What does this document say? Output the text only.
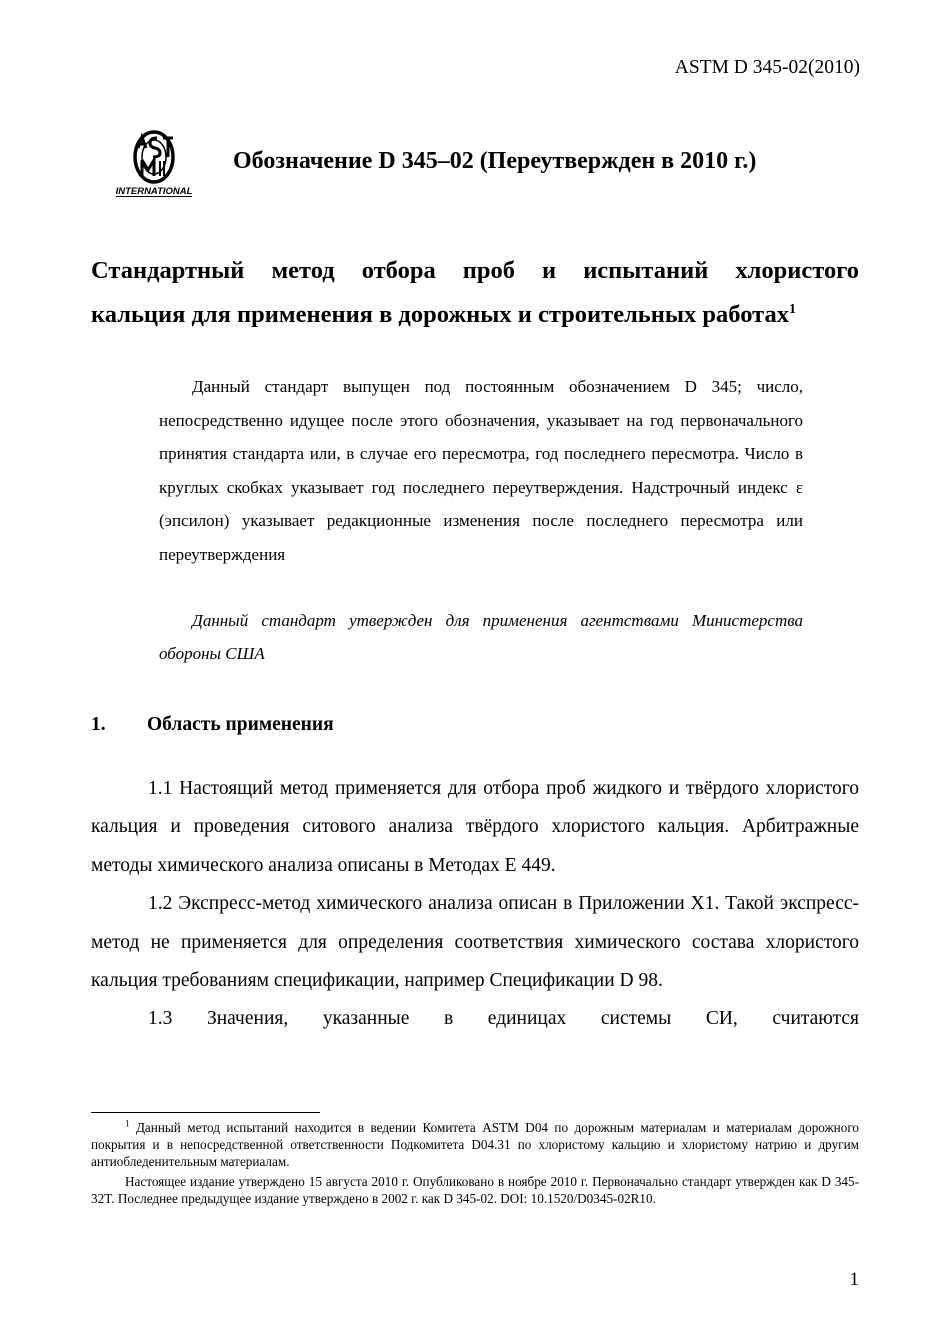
ASTM D 345-02(2010)
INTERNATIONAL
Обозначение D 345–02 (Переутвержден в 2010 г.)
Стандартный метод отбора проб и испытаний хлористого
кальция для применения в дорожных и строительных работах$^1$
Данный стандарт выпущен под постоянным обозначением D 345; число, непосредственно идущее после этого обозначения, указывает на год первоначального принятия стандарта или, в случае его пересмотра, год последнего пересмотра. Число в круглых скобках указывает год последнего переутверждения. Надстрочный индекс ε (эпсилон) указывает редакционные изменения после последнего пересмотра или переутверждения
Данный стандарт утвержден для применения агентствами Министерства обороны США
1. Область применения

1.1 Настоящий метод применяется для отбора проб жидкого и твёрдого хлористого кальция и проведения ситового анализа твёрдого хлористого кальция. Арбитражные методы химического анализа описаны в Методах E 449.

1.2 Экспресс-метод химического анализа описан в Приложении X1. Такой экспресс-метод не применяется для определения соответствия химического состава хлористого кальция требованиям спецификации, например Спецификации D 98.

1.3 Значения, указанные в единицах системы СИ, считаются

$^1$ Данный метод испытаний находится в ведении Комитета ASTM D04 по дорожным материалам и материалам дорожного покрытия и в непосредственной ответственности Подкомитета D04.31 по хлористому кальцию и хлористому натрию и другим антиобледенительным материалам.

Настоящее издание утверждено 15 августа 2010 г. Опубликовано в ноябре 2010 г. Первоначально стандарт утвержден как D 345-32T. Последнее предыдущее издание утверждено в 2002 г. как D 345-02. DOI: 10.1520/D0345-02R10.

1
